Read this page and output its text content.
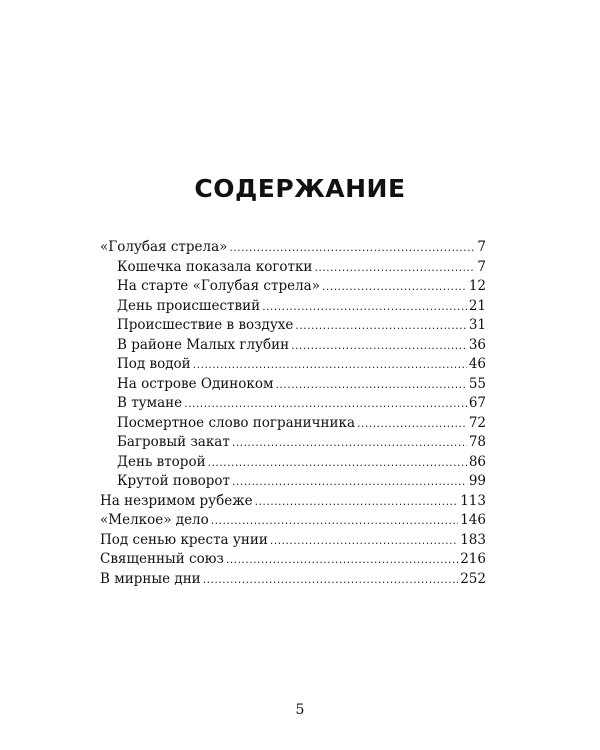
СОДЕРЖАНИЕ
«Голубая стрела» .....	7
Кошечка показала коготки .....	7
На старте «Голубая стрела» .....	12
День происшествий .....	21
Происшествие в воздухе .....	31
В районе Малых глубин .....	36
Под водой .....	46
На острове Одиноком .....	55
В тумане .....	67
Посмертное слово пограничника .....	72
Багровый закат .....	78
День второй .....	86
Крутой поворот .....	99
На незримом рубеже .....	113
«Мелкое» дело .....	146
Под сенью креста унии .....	183
Священный союз .....	216
В мирные дни .....	252
5
